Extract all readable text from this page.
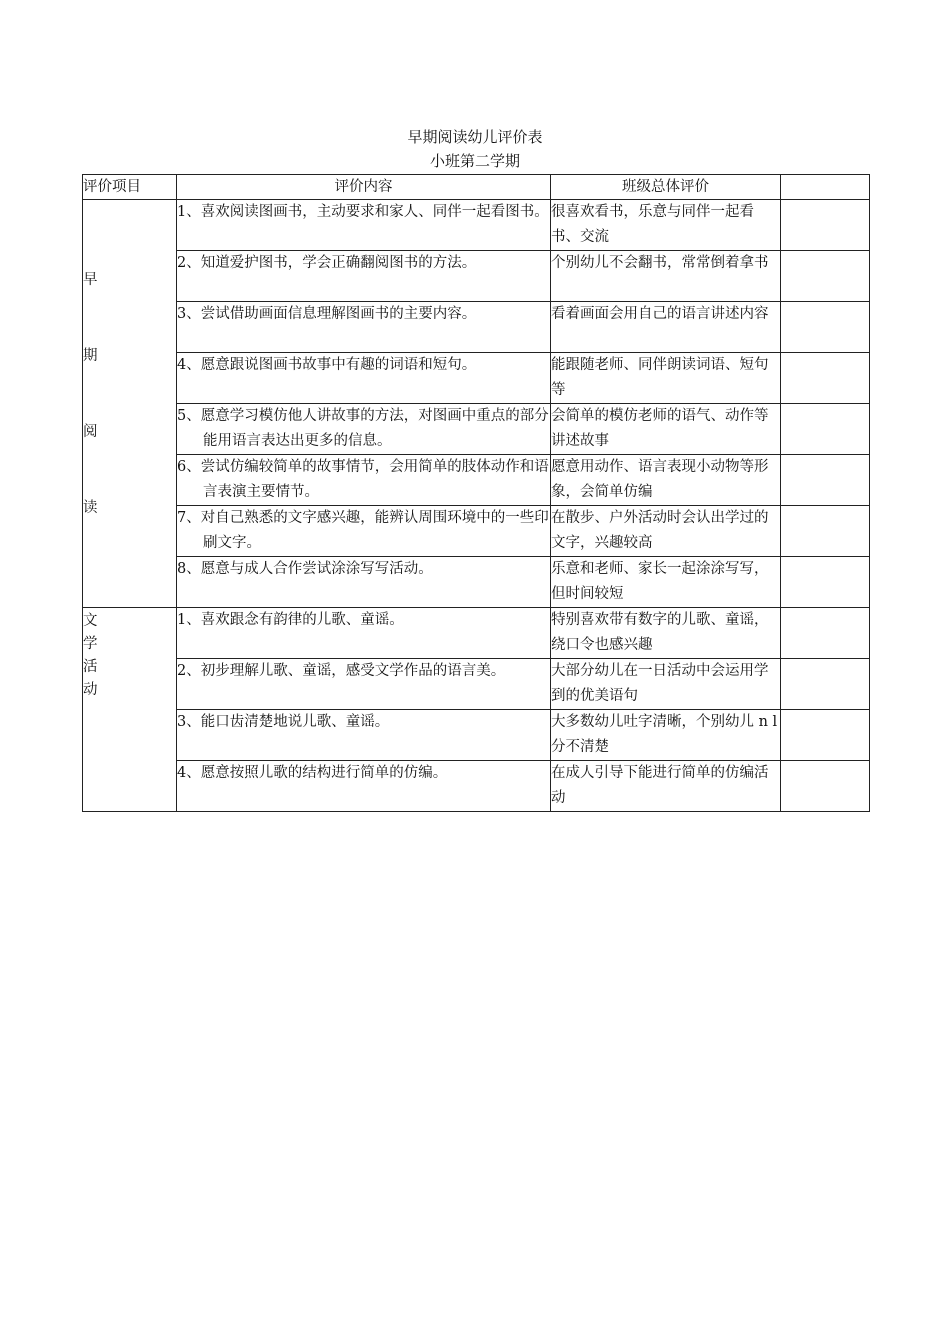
早期阅读幼儿评价表
小班第二学期
评价项目	评价内容	班级总体评价	

早
期
阅
读	1、喜欢阅读图画书，主动要求和家人、同伴一起看图书。	很喜欢看书，乐意与同伴一起看书、交流	

	2、知道爱护图书，学会正确翻阅图书的方法。	个别幼儿不会翻书，常常倒着拿书	

	3、尝试借助画面信息理解图画书的主要内容。	看着画面会用自己的语言讲述内容	

	4、愿意跟说图画书故事中有趣的词语和短句。	能跟随老师、同伴朗读词语、短句等	

	5、愿意学习模仿他人讲故事的方法，对图画中重点的部分能用语言表达出更多的信息。	会简单的模仿老师的语气、动作等讲述故事	

	6、尝试仿编较简单的故事情节，会用简单的肢体动作和语言表演主要情节。	愿意用动作、语言表现小动物等形象，会简单仿编	

	7、对自己熟悉的文字感兴趣，能辨认周围环境中的一些印刷文字。	在散步、户外活动时会认出学过的文字，兴趣较高	

	8、愿意与成人合作尝试涂涂写写活动。	乐意和老师、家长一起涂涂写写，但时间较短	

文
学
活
动	1、喜欢跟念有韵律的儿歌、童谣。	特别喜欢带有数字的儿歌、童谣，绕口令也感兴趣	

	2、初步理解儿歌、童谣，感受文学作品的语言美。	大部分幼儿在一日活动中会运用学到的优美语句	

	3、能口齿清楚地说儿歌、童谣。	大多数幼儿吐字清晰，个别幼儿 n l 分不清楚	

	4、愿意按照儿歌的结构进行简单的仿编。	在成人引导下能进行简单的仿编活动	
